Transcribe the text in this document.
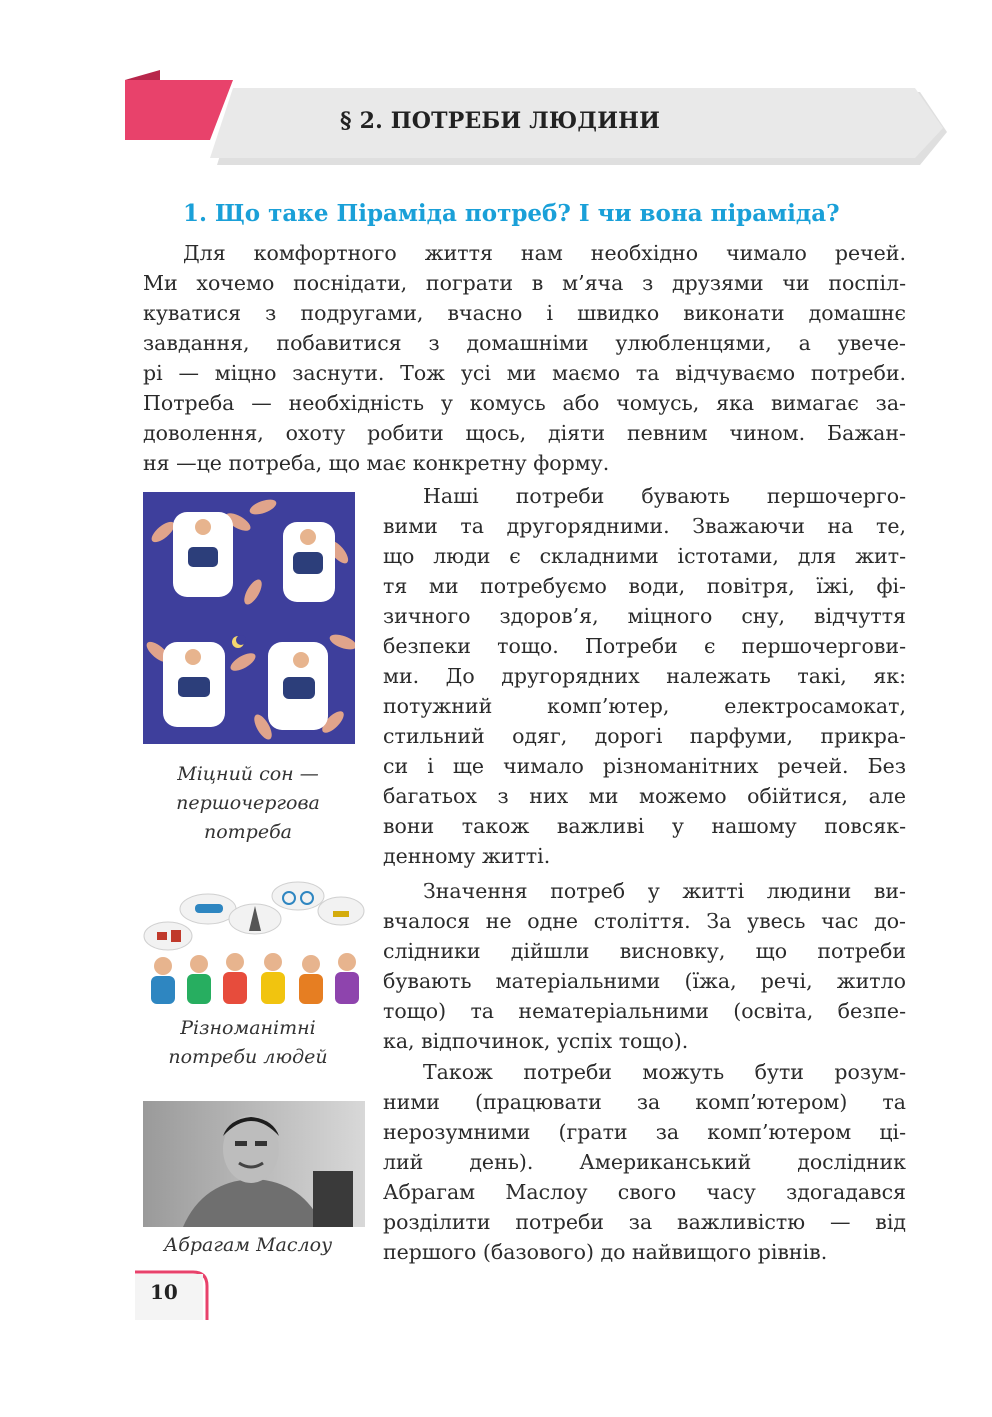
§ 2. ПОТРЕБИ ЛЮДИНИ
1. Що таке Піраміда потреб? І чи вона піраміда?
Для комфортного життя нам необхідно чимало речей.
Ми хочемо поснідати, пограти в м’яча з друзями чи поспіл-
куватися з подругами, вчасно і швидко виконати домашнє
завдання, побавитися з домашніми улюбленцями, а увече-
рі — міцно заснути. Тож усі ми маємо та відчуваємо потреби.
Потреба — необхідність у комусь або чомусь, яка вимагає за-
доволення, охоту робити щось, діяти певним чином. Бажан-
ня —це потреба, що має конкретну форму.
Наші потреби бувають першочерго-
вими та другорядними. Зважаючи на те,
що люди є складними істотами, для жит-
тя ми потребуємо води, повітря, їжі, фі-
зичного здоров’я, міцного сну, відчуття
безпеки тощо. Потреби є першочергови-
ми. До другорядних належать такі, як:
потужний комп’ютер, електросамокат,
стильний одяг, дорогі парфуми, прикра-
си і ще чимало різноманітних речей. Без
багатьох з них ми можемо обійтися, але
вони також важливі у нашому повсяк-
денному житті.
Значення потреб у житті людини ви-
вчалося не одне століття. За увесь час до-
слідники дійшли висновку, що потреби
бувають матеріальними (їжа, речі, житло
тощо) та нематеріальними (освіта, безпе-
ка, відпочинок, успіх тощо).
Також потреби можуть бути розум-
ними (працювати за комп’ютером) та
нерозумними (грати за комп’ютером ці-
лий день). Американський дослідник
Абрагам Маслоу свого часу здогадався
розділити потреби за важливістю — від
першого (базового) до найвищого рівнів.
Міцний сон —
першочергова
потреба
Різноманітні
потреби людей
Абрагам Маслоу
10
